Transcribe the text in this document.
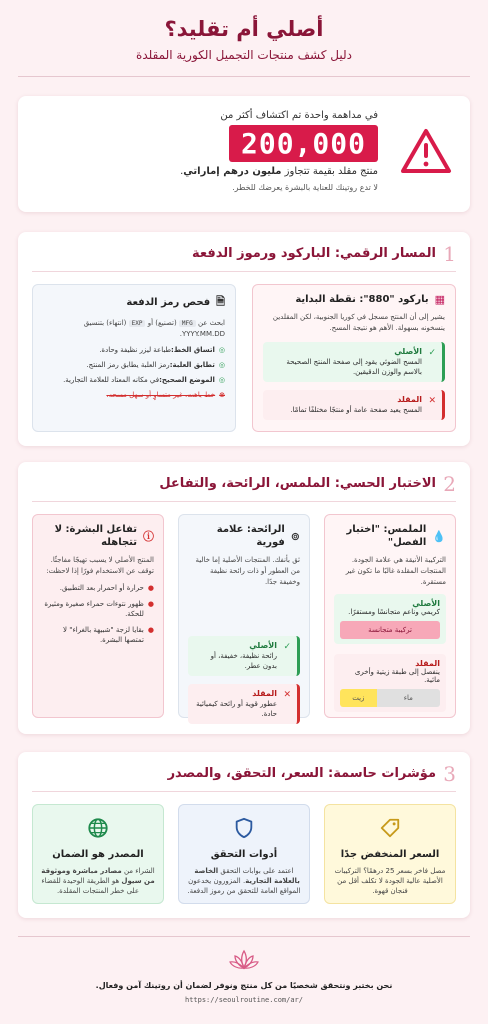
أصلي أم تقليد؟
دليل كشف منتجات التجميل الكورية المقلدة
في مداهمة واحدة تم اكتشاف أكثر من
200,000
منتج مقلد بقيمة تتجاوز مليون درهم إماراتي.
لا تدع روتينك للعناية بالبشرة يعرضك للخطر.
1
المسار الرقمي: الباركود ورموز الدفعة
▦
باركود "880": نقطة البداية
يشير إلى أن المنتج مسجل في كوريا الجنوبية، لكن المقلدين ينسخونه بسهولة. الأهم هو نتيجة المسح.
✓
الأصلي
المسح الضوئي يقود إلى صفحة المنتج الصحيحة بالاسم والوزن الدقيقين.
✕
المقلد
المسح يعيد صفحة عامة أو منتجًا مختلفًا تمامًا.
🗎
فحص رمز الدفعة
ابحث عن MFG (تصنيع) أو EXP (انتهاء) بتنسيق YYYY.MM.DD.
◎
اتساق الخط:طباعة ليزر نظيفة وحادة.
◎
تطابق العلبة:رمز العلبة يطابق رمز المنتج.
◎
الموضع الصحيح:في مكانه المعتاد للعلامة التجارية.
⊗
خط باهت، غير متساوٍ أو سهل مسحه.
2
الاختبار الحسي: الملمس، الرائحة، والتفاعل
💧
الملمس: "اختبار الفصل"
التركيبة الأنيقة هي علامة الجودة. المنتجات المقلدة غالبًا ما تكون غير مستقرة.
الأصلي
كريمي وناعم متجانسًا ومستقرًا.
تركيبة متجانسة
المقلد
ينفصل إلى طبقة زيتية وأخرى مائية.
ماء
زيت
⊚
الرائحة: علامة فورية
ثق بأنفك. المنتجات الأصلية إما خالية من العطور أو ذات رائحة نظيفة وخفيفة جدًا.
✓
الأصلي
رائحة نظيفة، خفيفة، أو بدون عطر.
✕
المقلد
عطور قوية أو رائحة كيميائية حادة.
ⓘ
تفاعل البشرة: لا تتجاهله
المنتج الأصلي لا يسبب تهيجًا مفاجئًا. توقف عن الاستخدام فورًا إذا لاحظت:
●
حرارة أو احمرار بعد التطبيق.
●
ظهور نتوءات حمراء صغيرة ومثيرة للحكة.
●
بقايا لزجة "شبيهة بالغراء" لا تمتصها البشرة.
3
مؤشرات حاسمة: السعر، التحقق، والمصدر
السعر المنخفض جدًا
مصل فاخر بسعر 25 درهمًا؟ التركيبات الأصلية عالية الجودة لا تكلف أقل من فنجان قهوة.
أدوات التحقق
اعتمد على بوابات التحقق الخاصة بالعلامة التجارية. المزورون يخدعون المواقع العامة للتحقق من رموز الدفعة.
المصدر هو الضمان
الشراء من مصادر مباشرة وموثوقة من سيول هو الطريقة الوحيدة للقضاء على خطر المنتجات المقلدة.
نحن بختبر ونتحقق شخصيًا من كل منتج ونوفر لضمان أن روتينك آمن وفعال.
https://seoulroutine.com/ar/
